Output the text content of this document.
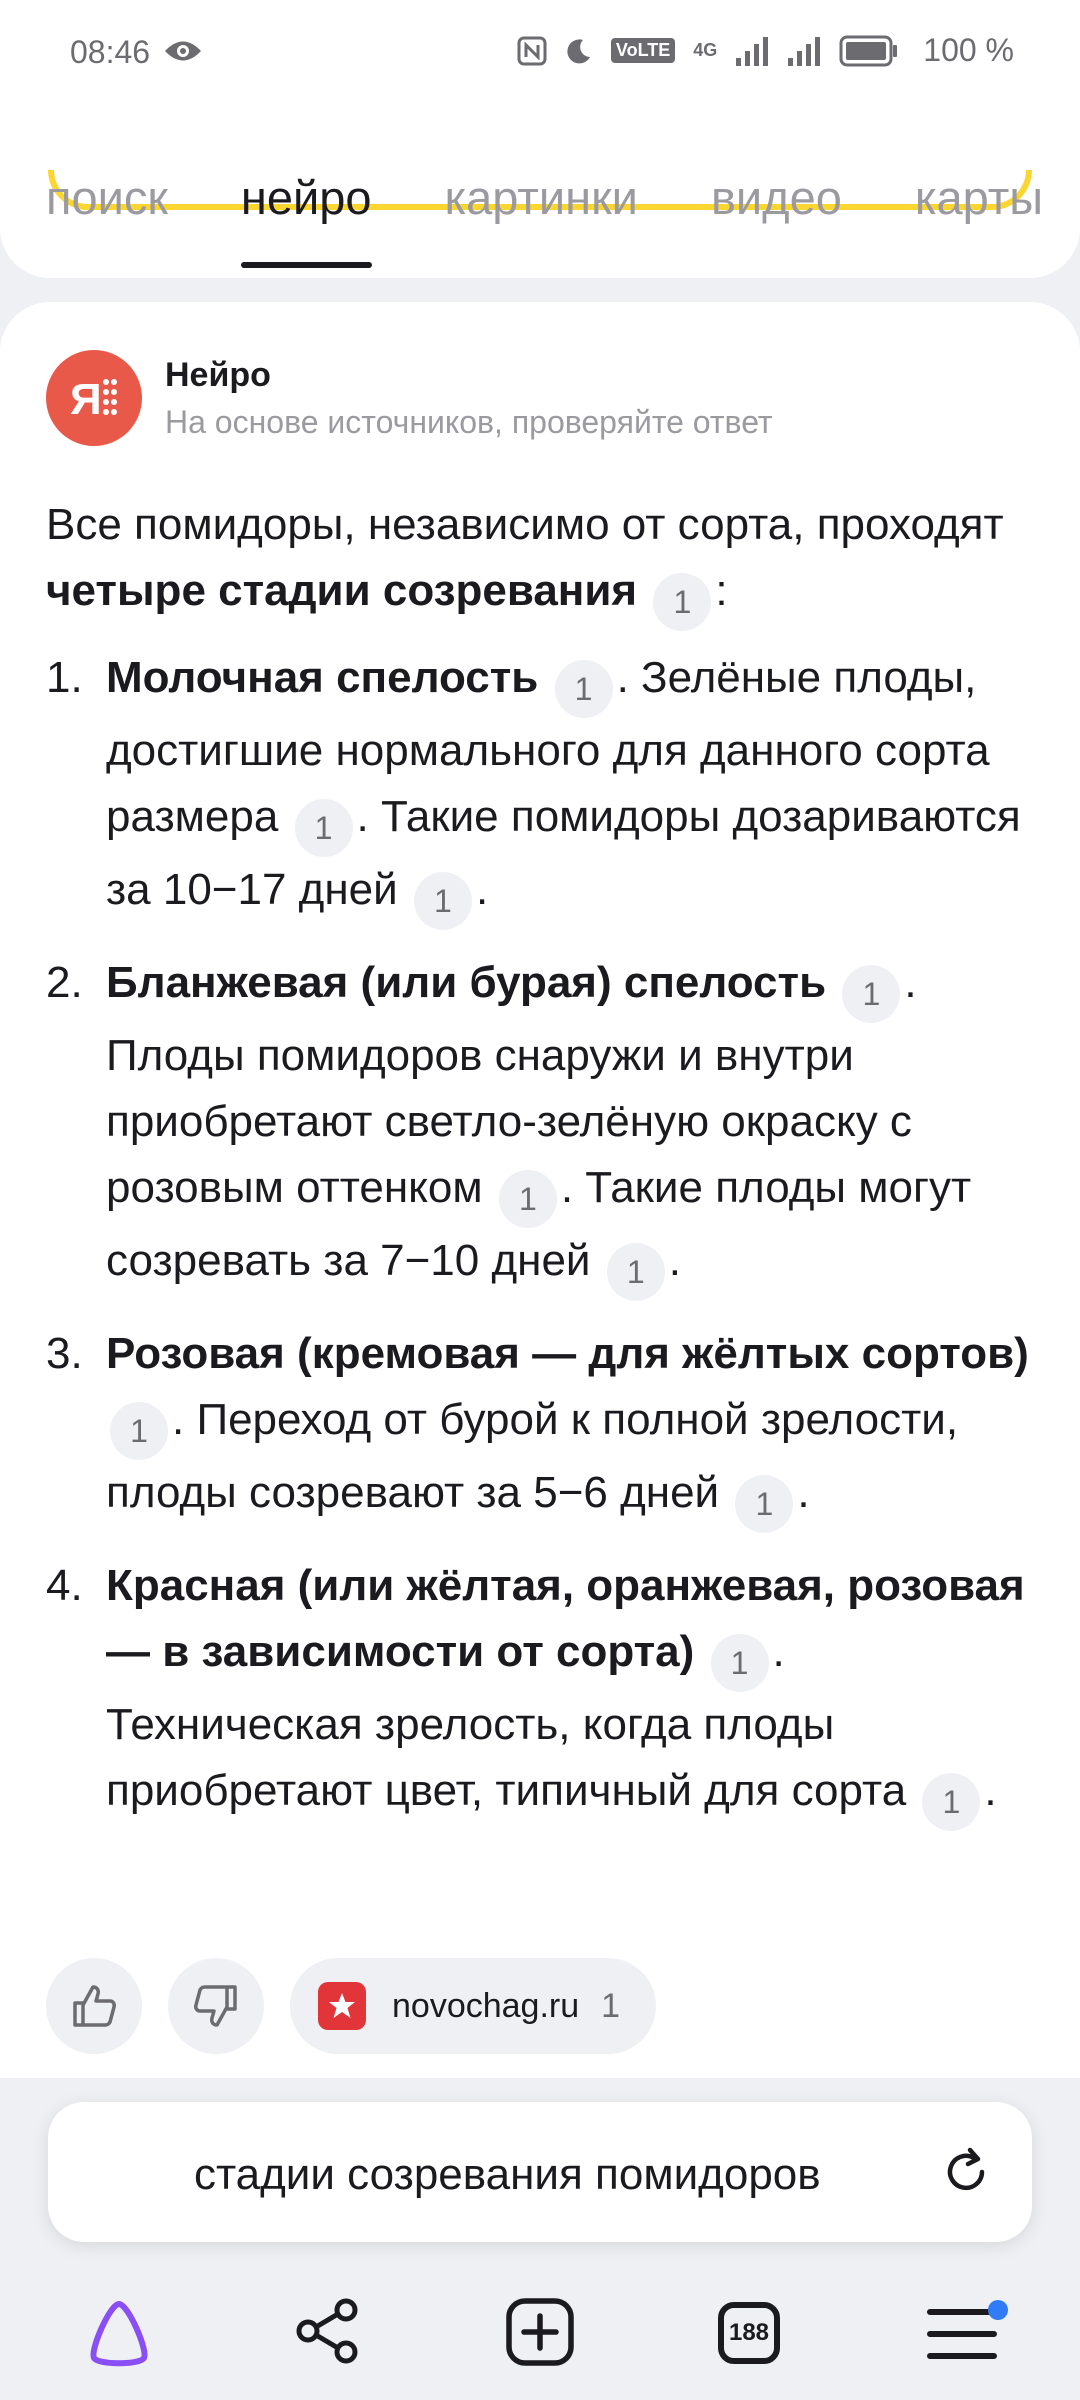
08:46	VoLTE 4G	100 %
поиск нейро картинки видео карты
Я Нейро
На основе источников, проверяйте ответ

Все помидоры, независимо от сорта, проходят четыре стадии созревания 1 :

1. Молочная спелость 1 . Зелёные плоды, достигшие нормального для данного сорта размера 1 . Такие помидоры дозариваются за 10−17 дней 1 .
2. Бланжевая (или бурая) спелость 1 . Плоды помидоров снаружи и внутри приобретают светло-зелёную окраску с розовым оттенком 1 . Такие плоды могут созревать за 7−10 дней 1 .
3. Розовая (кремовая — для жёлтых сортов) 1 . Переход от бурой к полной зрелости, плоды созревают за 5−6 дней 1 .
4. Красная (или жёлтая, оранжевая, розовая — в зависимости от сорта) 1 . Техническая зрелость, когда плоды приобретают цвет, типичный для сорта 1 .
novochag.ru 1
стадии созревания помидоров
188
